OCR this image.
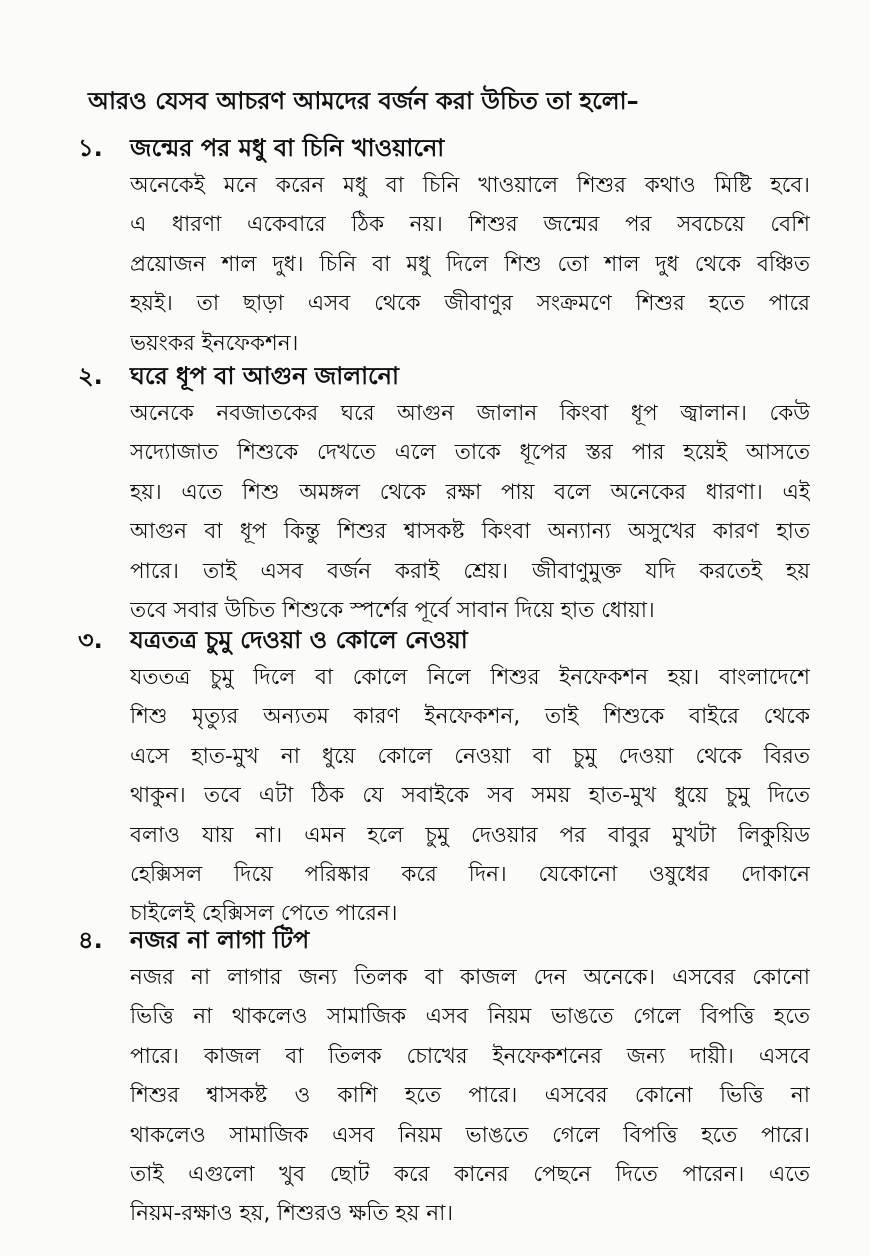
আরও যেসব আচরণ আমদের বর্জন করা উচিত তা হলো–
১.	জন্মের পর মধু বা চিনি খাওয়ানো
অনেকেই মনে করেন মধু বা চিনি খাওয়ালে শিশুর কথাও মিষ্টি হবে।
এ ধারণা একেবারে ঠিক নয়। শিশুর জন্মের পর সবচেয়ে বেশি
প্রয়োজন শাল দুধ। চিনি বা মধু দিলে শিশু তো শাল দুধ থেকে বঞ্চিত
হয়ই। তা ছাড়া এসব থেকে জীবাণুর সংক্রমণে শিশুর হতে পারে
ভয়ংকর ইনফেকশন।
২.	ঘরে ধূপ বা আগুন জালানো
অনেকে নবজাতকের ঘরে আগুন জালান কিংবা ধূপ জ্বালান। কেউ
সদ্যোজাত শিশুকে দেখতে এলে তাকে ধূপের স্তর পার হয়েই আসতে
হয়। এতে শিশু অমঙ্গল থেকে রক্ষা পায় বলে অনেকের ধারণা। এই
আগুন বা ধূপ কিন্তু শিশুর শ্বাসকষ্ট কিংবা অন্যান্য অসুখের কারণ হাত
পারে। তাই এসব বর্জন করাই শ্রেয়। জীবাণুমুক্ত যদি করতেই হয়
তবে সবার উচিত শিশুকে স্পর্শের পূর্বে সাবান দিয়ে হাত ধোয়া।
৩.	যত্রতত্র চুমু দেওয়া ও কোলে নেওয়া
যততত্র চুমু দিলে বা কোলে নিলে শিশুর ইনফেকশন হয়। বাংলাদেশে
শিশু মৃত্যুর অন্যতম কারণ ইনফেকশন, তাই শিশুকে বাইরে থেকে
এসে হাত-মুখ না ধুয়ে কোলে নেওয়া বা চুমু দেওয়া থেকে বিরত
থাকুন। তবে এটা ঠিক যে সবাইকে সব সময় হাত-মুখ ধুয়ে চুমু দিতে
বলাও যায় না। এমন হলে চুমু দেওয়ার পর বাবুর মুখটা লিকুয়িড
হেক্সিসল দিয়ে পরিষ্কার করে দিন। যেকোনো ওষুধের দোকানে
চাইলেই হেক্সিসল পেতে পারেন।
৪.	নজর না লাগা টিপ
নজর না লাগার জন্য তিলক বা কাজল দেন অনেকে। এসবের কোনো
ভিত্তি না থাকলেও সামাজিক এসব নিয়ম ভাঙতে গেলে বিপত্তি হতে
পারে। কাজল বা তিলক চোখের ইনফেকশনের জন্য দায়ী। এসবে
শিশুর শ্বাসকষ্ট ও কাশি হতে পারে। এসবের কোনো ভিত্তি না
থাকলেও সামাজিক এসব নিয়ম ভাঙতে গেলে বিপত্তি হতে পারে।
তাই এগুলো খুব ছোট করে কানের পেছনে দিতে পারেন। এতে
নিয়ম-রক্ষাও হয়, শিশুরও ক্ষতি হয় না।
